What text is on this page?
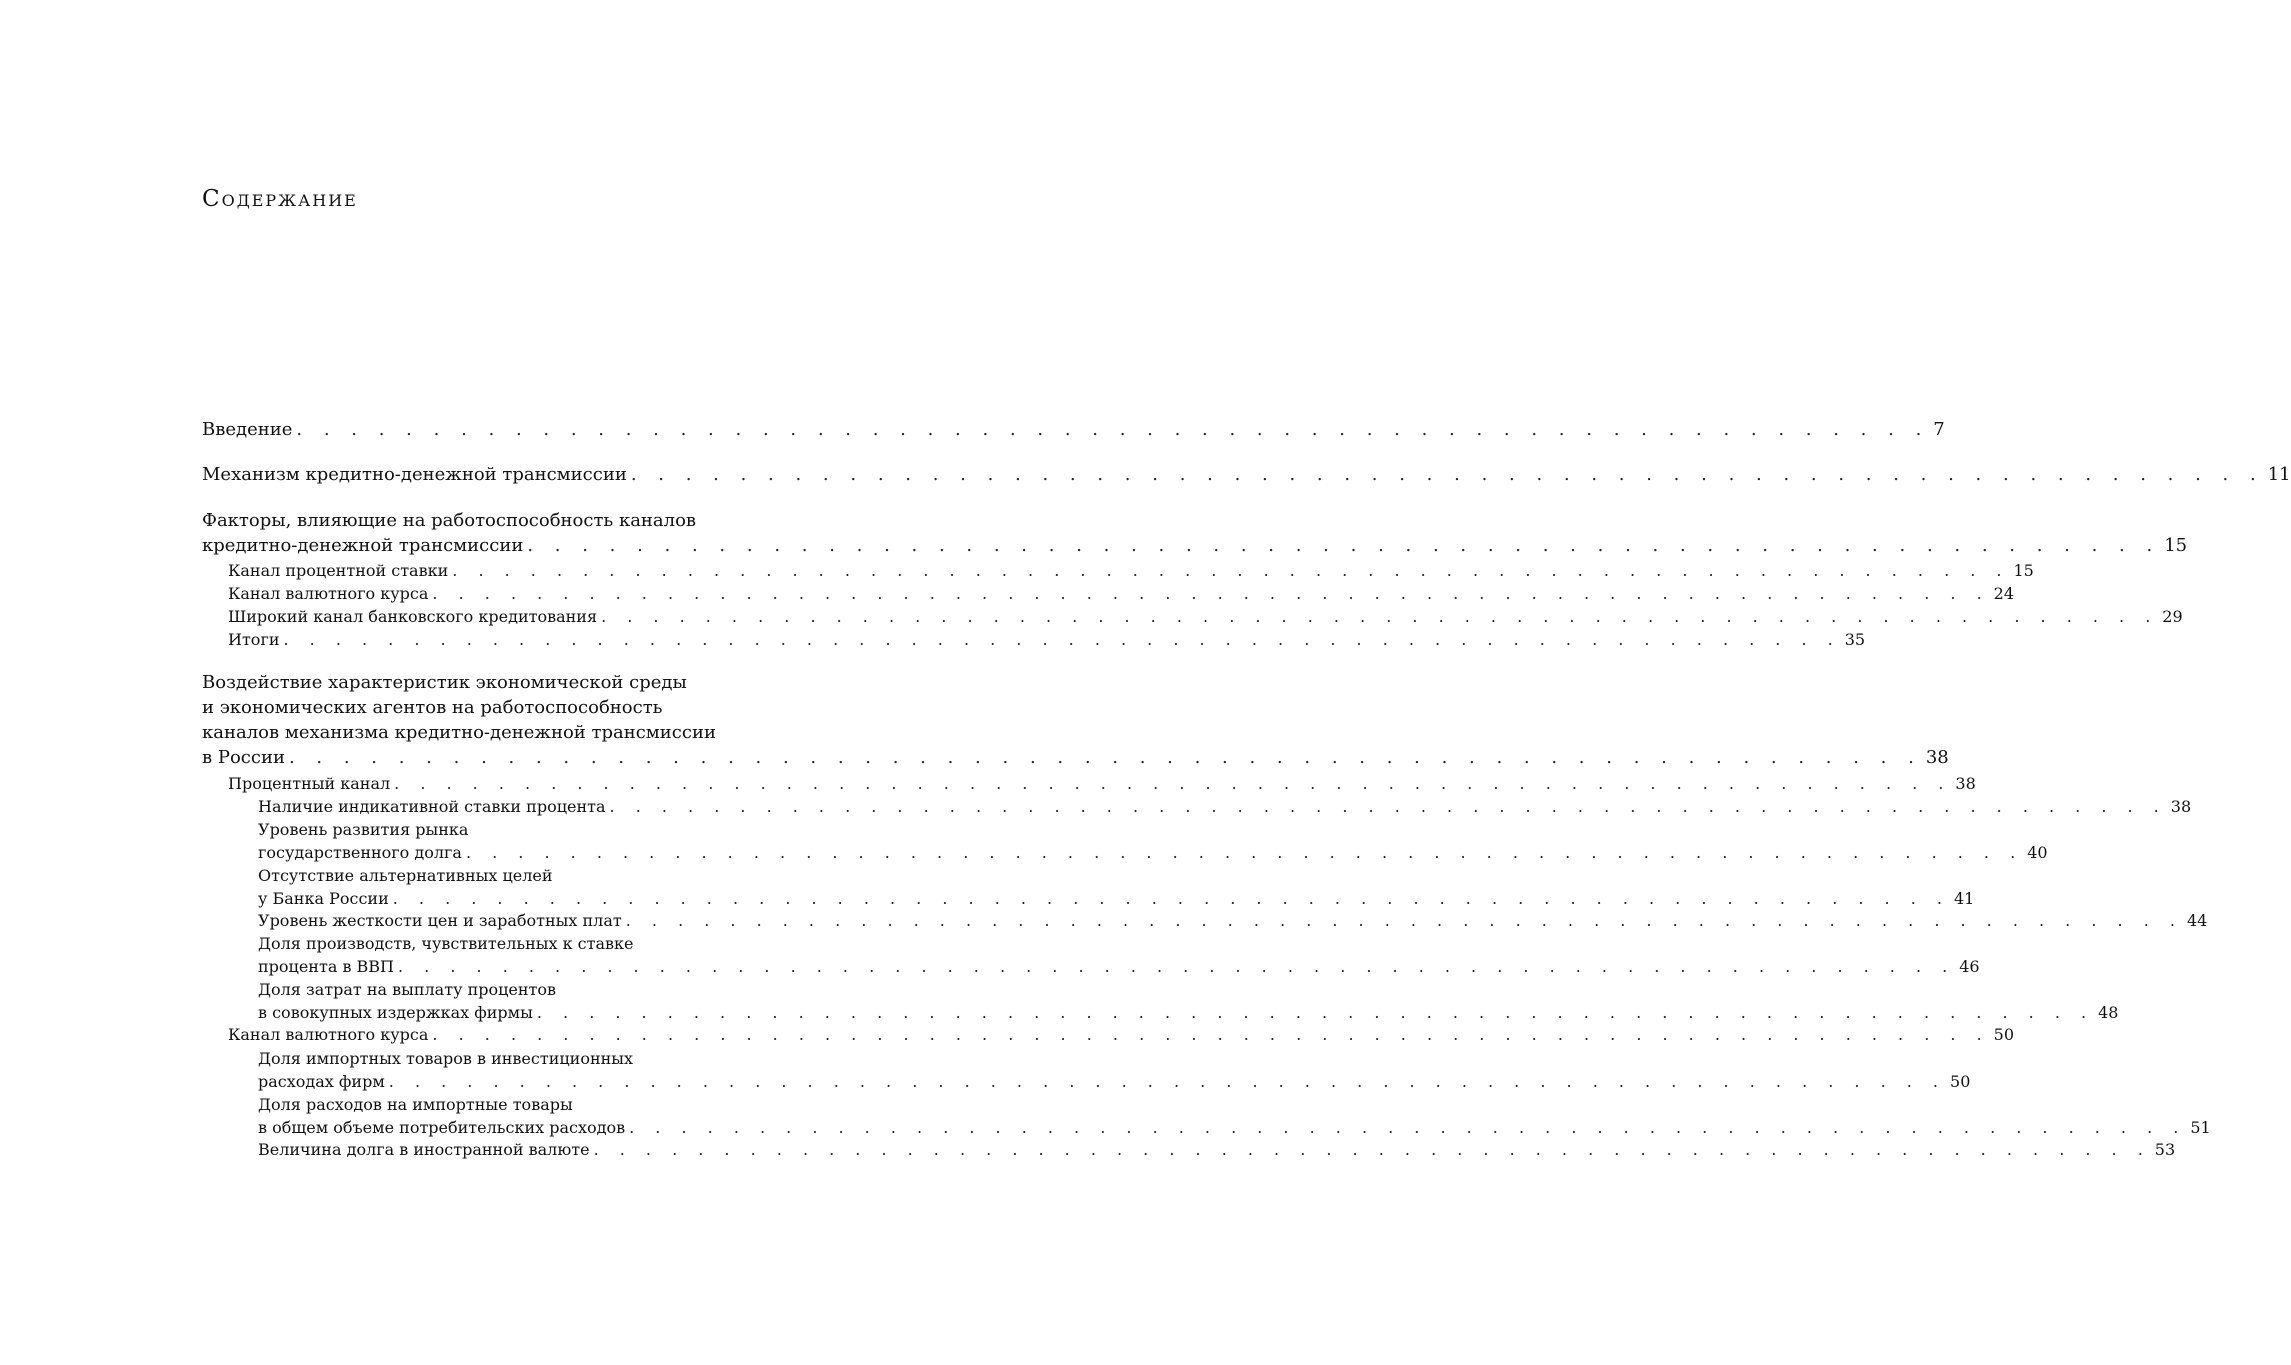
Содержание
Введение . . . . . . . . . . . . . . . . . . . . . . . . . . . . . . . . . . . . . . . . . . . . . . . . . . . . . . . . . . . . 7
Механизм кредитно-денежной трансмиссии . . . . . . . . . . . . . . . . . . . . . . . . . . . . . . . . . . . . . . . . . . . . . . . . . . . . . . . . . . . . 11
Факторы, влияющие на работоспособность каналов
кредитно-денежной трансмиссии . . . . . . . . . . . . . . . . . . . . . . . . . . . . . . . . . . . . . . . . . . . . . . . . . . . . . . . . . . . . 15
Канал процентной ставки . . . . . . . . . . . . . . . . . . . . . . . . . . . . . . . . . . . . . . . . . . . . . . . . . . . . . . . . . . . . 15
Канал валютного курса . . . . . . . . . . . . . . . . . . . . . . . . . . . . . . . . . . . . . . . . . . . . . . . . . . . . . . . . . . . . 24
Широкий канал банковского кредитования . . . . . . . . . . . . . . . . . . . . . . . . . . . . . . . . . . . . . . . . . . . . . . . . . . . . . . . . . . . . 29
Итоги . . . . . . . . . . . . . . . . . . . . . . . . . . . . . . . . . . . . . . . . . . . . . . . . . . . . . . . . . . . . 35
Воздействие характеристик экономической среды
и экономических агентов на работоспособность
каналов механизма кредитно-денежной трансмиссии
в России . . . . . . . . . . . . . . . . . . . . . . . . . . . . . . . . . . . . . . . . . . . . . . . . . . . . . . . . . . . . 38
Процентный канал . . . . . . . . . . . . . . . . . . . . . . . . . . . . . . . . . . . . . . . . . . . . . . . . . . . . . . . . . . . . 38
Наличие индикативной ставки процента . . . . . . . . . . . . . . . . . . . . . . . . . . . . . . . . . . . . . . . . . . . . . . . . . . . . . . . . . . . . 38
Уровень развития рынка
государственного долга . . . . . . . . . . . . . . . . . . . . . . . . . . . . . . . . . . . . . . . . . . . . . . . . . . . . . . . . . . . . 40
Отсутствие альтернативных целей
у Банка России . . . . . . . . . . . . . . . . . . . . . . . . . . . . . . . . . . . . . . . . . . . . . . . . . . . . . . . . . . . . 41
Уровень жесткости цен и заработных плат . . . . . . . . . . . . . . . . . . . . . . . . . . . . . . . . . . . . . . . . . . . . . . . . . . . . . . . . . . . . 44
Доля производств, чувствительных к ставке
процента в ВВП . . . . . . . . . . . . . . . . . . . . . . . . . . . . . . . . . . . . . . . . . . . . . . . . . . . . . . . . . . . . 46
Доля затрат на выплату процентов
в совокупных издержках фирмы . . . . . . . . . . . . . . . . . . . . . . . . . . . . . . . . . . . . . . . . . . . . . . . . . . . . . . . . . . . . 48
Канал валютного курса . . . . . . . . . . . . . . . . . . . . . . . . . . . . . . . . . . . . . . . . . . . . . . . . . . . . . . . . . . . . 50
Доля импортных товаров в инвестиционных
расходах фирм . . . . . . . . . . . . . . . . . . . . . . . . . . . . . . . . . . . . . . . . . . . . . . . . . . . . . . . . . . . . 50
Доля расходов на импортные товары
в общем объеме потребительских расходов . . . . . . . . . . . . . . . . . . . . . . . . . . . . . . . . . . . . . . . . . . . . . . . . . . . . . . . . . . . . 51
Величина долга в иностранной валюте . . . . . . . . . . . . . . . . . . . . . . . . . . . . . . . . . . . . . . . . . . . . . . . . . . . . . . . . . . . . 53
